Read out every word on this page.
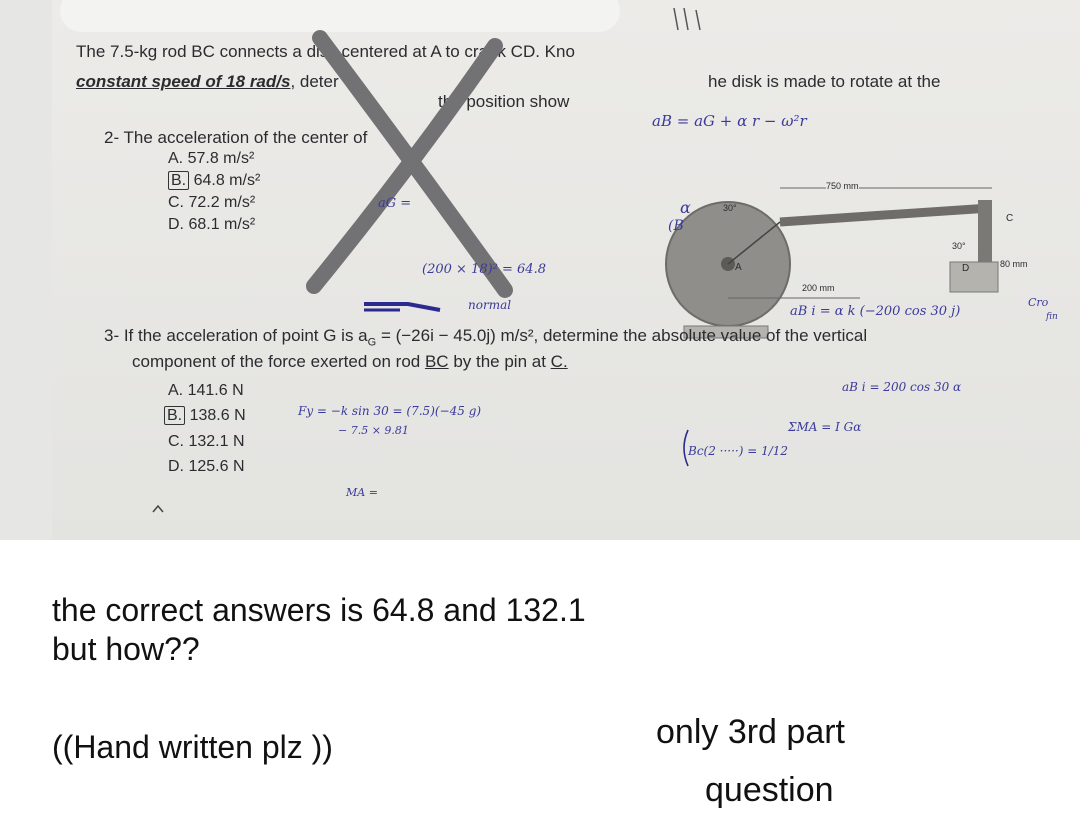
The 7.5-kg rod BC connects a disk centered at A to crank CD. Kno
he disk is made to rotate at the
constant speed of 18 rad/s, deter
the position show
2- The acceleration of the center of
A. 57.8 m/s²
B. 64.8 m/s²
C. 72.2 m/s²
D. 68.1 m/s²
750 mm
30°
200 mm
30°
80 mm
A
C
D
3- If the acceleration of point G is $a_G = (-26i - 45.0j)$ m/s², determine the absolute value of the vertical
component of the force exerted on rod BC by the pin at C.
A. 141.6 N
B. 138.6 N
C. 132.1 N
D. 125.6 N
aB = aG + α r − ω²r
aG =
(200 × 18)² = 64.8
α
(B
normal	aB i = α k (−200 cos 30 j)
Cro
fin
aB i = 200 cos 30 α
Fy = −k sin 30 = (7.5)(−45 g)
− 7.5 × 9.81	ΣMA = I Gα
Bc(2 ·····) = 1/12
MA =
the correct answers is 64.8 and 132.1
but how??
((Hand written plz ))	only 3rd part
question
